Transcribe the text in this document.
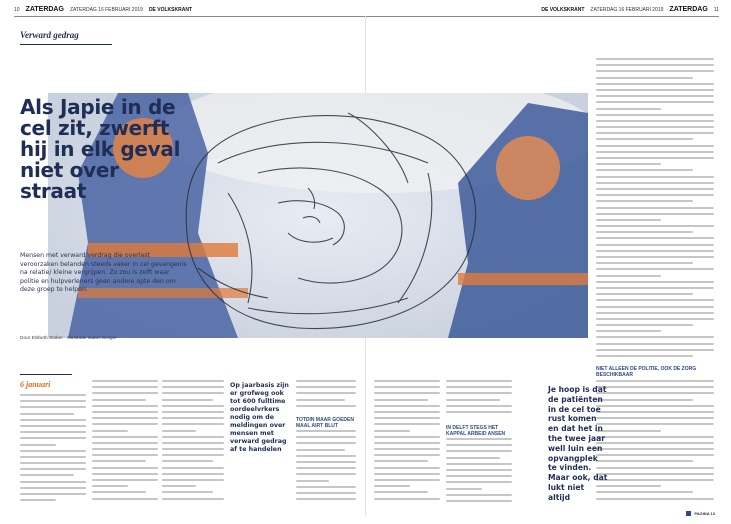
10 ZATERDAG ZATERDAG 16 FEBRUARI 2019 DE VOLKSKRANT	DE VOLKSKRANT ZATERDAG 16 FEBRUARI 2019 ZATERDAG 11
Verward gedrag
Als Japie in de cel zit, zwerft hij in elk geval niet over straat
Mensen met verward verdrag die overlast veroorzaken belanden steeds vaker in cel gevangenis na relatie/ kleine vergrijpen. Zo zou is zelft waar politie en hulpverleners geen andere opte den om deze groep te helpen.
Door Elsbeth Stoker · Illustratie Isabel Seliger
NIET ALLEEN DE POLITIE, OOK DE ZORG BESCHIKBAAR
6 januari	Op jaarbasis zijn er grofweg ook tot 600 fulltime oordeelvrkers nodig om de meldingen over mensen met verward gedrag af te handelen
TOTDIN MAAR GOEDEN MAAL AIRT BLUT	IN DELFT STEGS HET KAPPAL ARBEID ANSEN
Je hoop is dat de patiënten in de cel toe rust komen en dat het in the twee jaar well luin een opvangplek te vinden. Maar ook, dat lukt niet altijd
PAGINA 13
